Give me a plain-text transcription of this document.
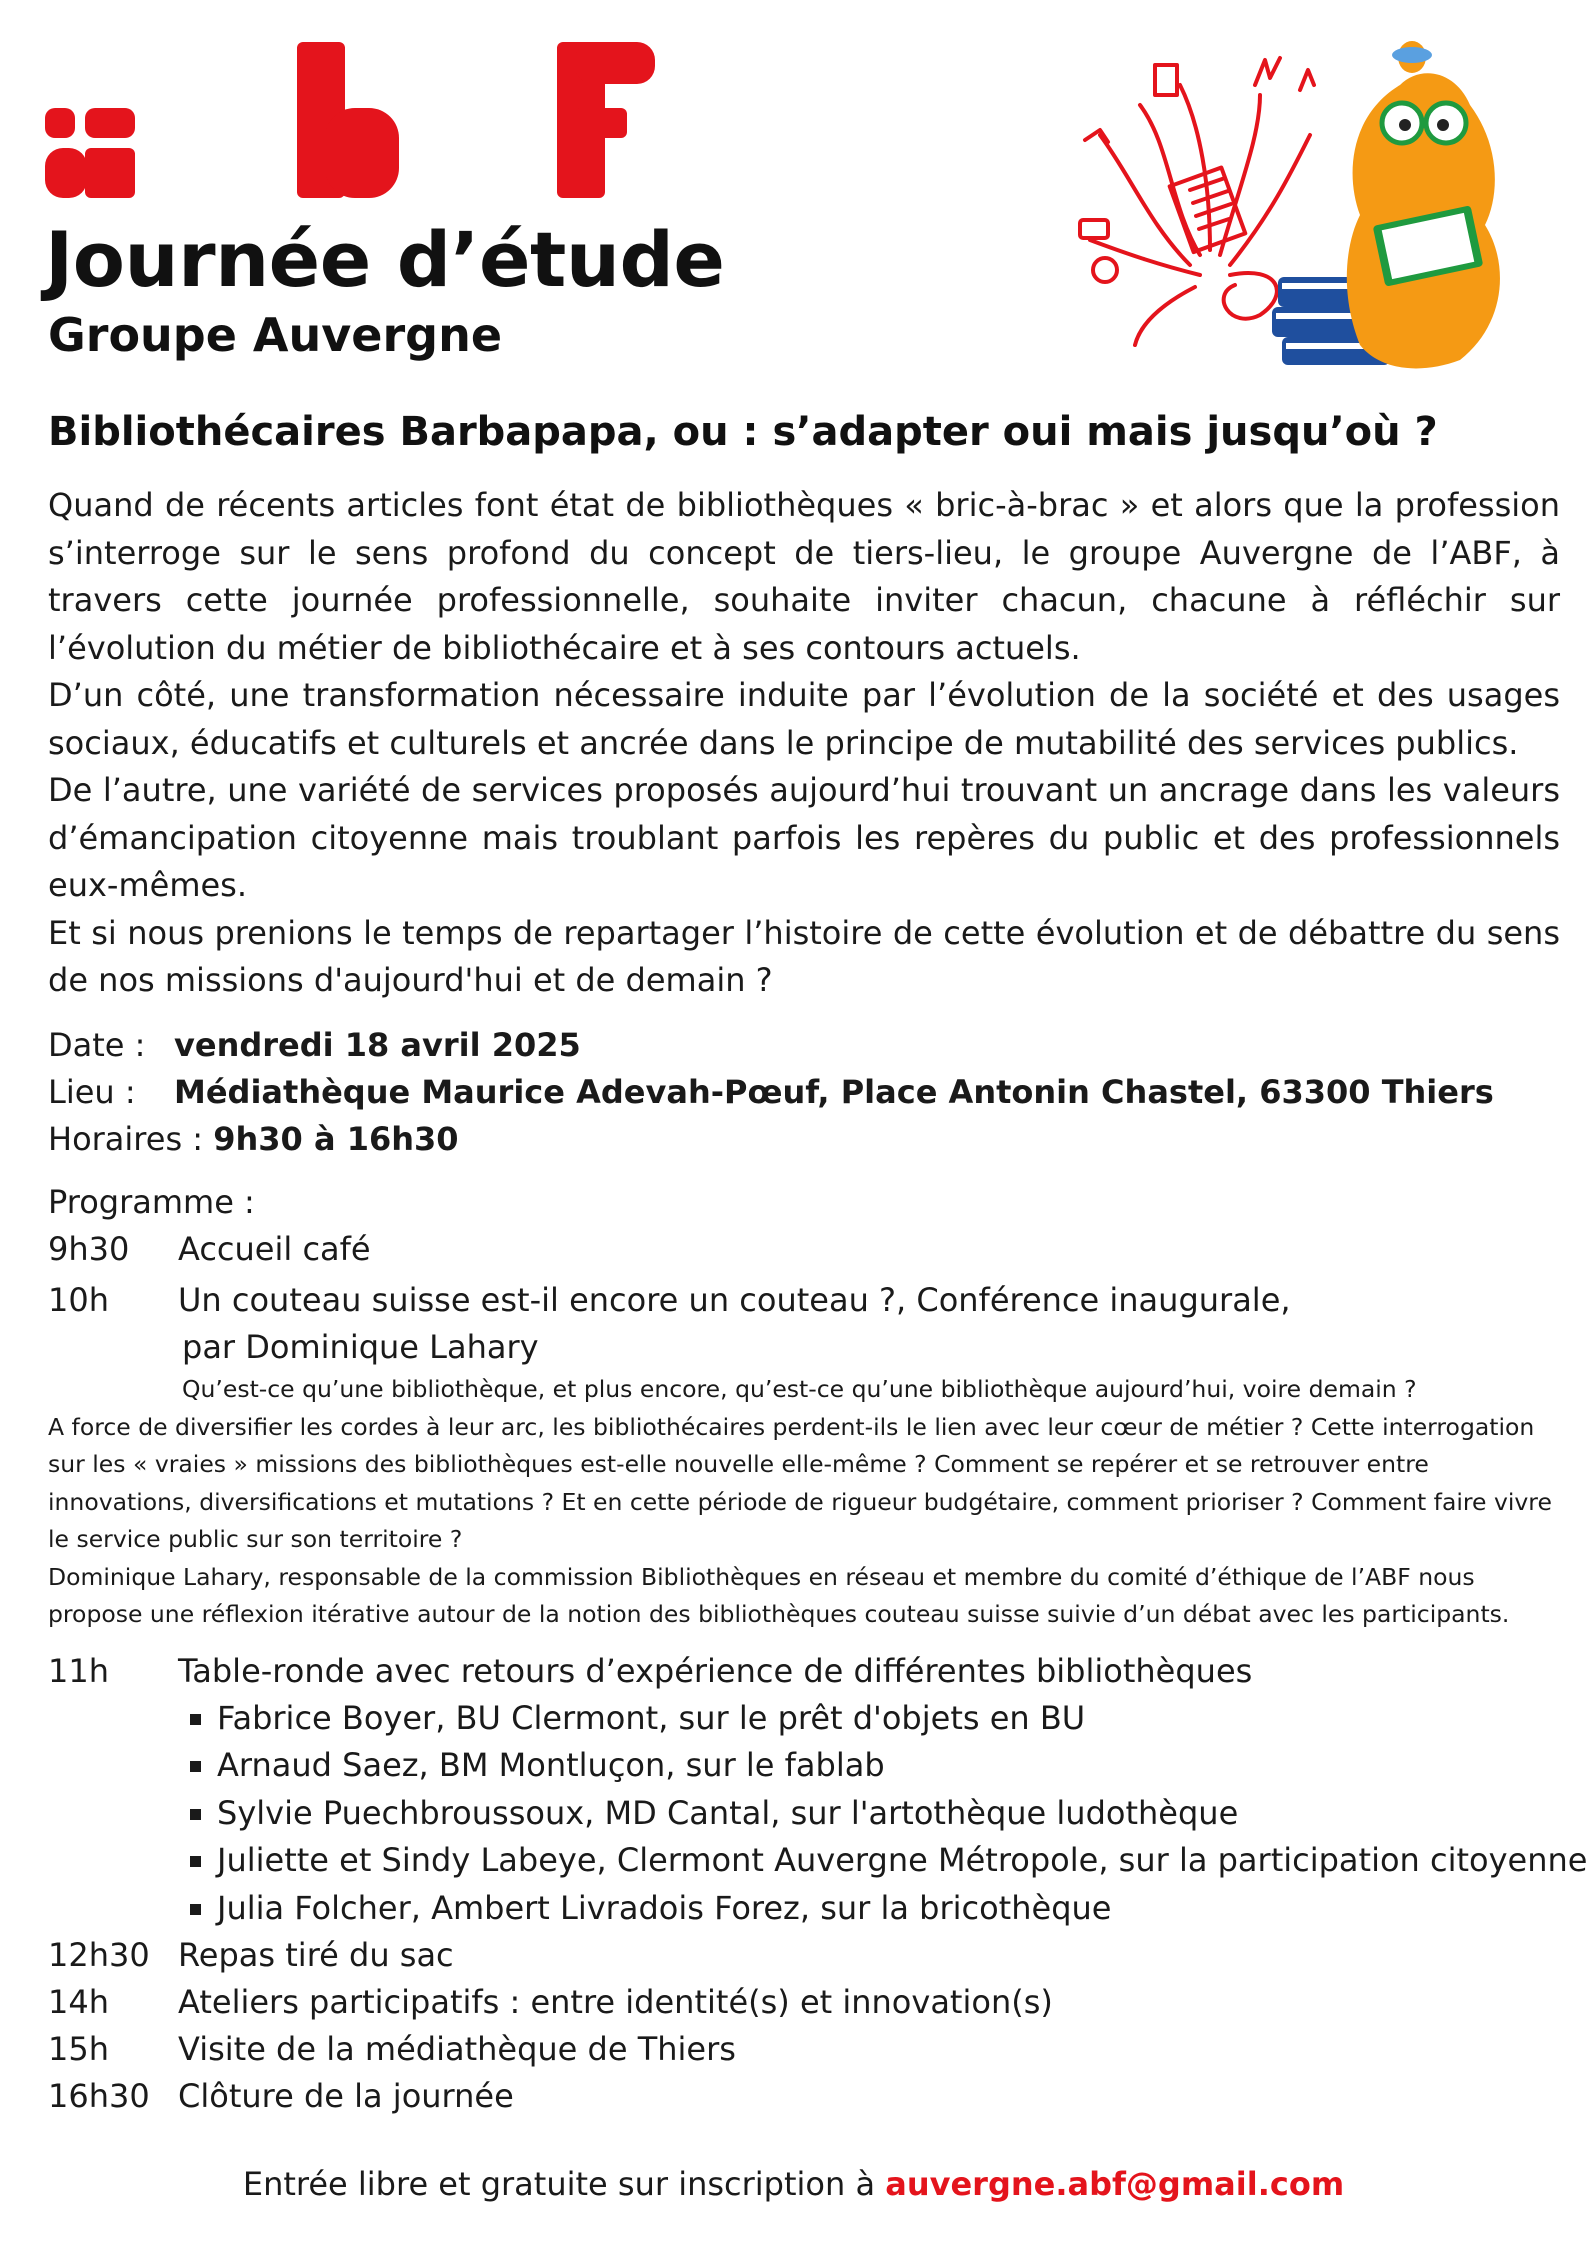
Journée d’étude
Groupe Auvergne
Bibliothécaires Barbapapa, ou : s’adapter oui mais jusqu’où ?

Quand de récents articles font état de bibliothèques « bric-à-brac » et alors que la profession s’interroge sur le sens profond du concept de tiers-lieu, le groupe Auvergne de l’ABF, à travers cette journée professionnelle, souhaite inviter chacun, chacune à réfléchir sur l’évolution du métier de bibliothécaire et à ses contours actuels.

D’un côté, une transformation nécessaire induite par l’évolution de la société et des usages sociaux, éducatifs et culturels et ancrée dans le principe de mutabilité des services publics.

De l’autre, une variété de services proposés aujourd’hui trouvant un ancrage dans les valeurs d’émancipation citoyenne mais troublant parfois les repères du public et des professionnels eux-mêmes.

Et si nous prenions le temps de repartager l’histoire de cette évolution et de débattre du sens de nos missions d'aujourd'hui et de demain ?

Date : vendredi 18 avril 2025
Lieu :	Médiathèque Maurice Adevah-Pœuf, Place Antonin Chastel, 63300 Thiers
Horaires :
9h30 à 16h30
Programme :
9h30	Accueil café
10h	Un couteau suisse est-il encore un couteau ?, Conférence inaugurale,
par Dominique Lahary

Qu’est-ce qu’une bibliothèque, et plus encore, qu’est-ce qu’une bibliothèque aujourd’hui, voire demain ?

A force de diversifier les cordes à leur arc, les bibliothécaires perdent-ils le lien avec leur cœur de métier ? Cette interrogation sur les « vraies » missions des bibliothèques est-elle nouvelle elle-même ? Comment se repérer et se retrouver entre innovations, diversifications et mutations ? Et en cette période de rigueur budgétaire, comment prioriser ? Comment faire vivre le service public sur son territoire ?

Dominique Lahary, responsable de la commission Bibliothèques en réseau et membre du comité d’éthique de l’ABF nous propose une réflexion itérative autour de la notion des bibliothèques couteau suisse suivie d’un débat avec les participants.

11h	Table-ronde avec retours d’expérience de différentes bibliothèques
Fabrice Boyer, BU Clermont, sur le prêt d'objets en BU
Arnaud Saez, BM Montluçon, sur le fablab
Sylvie Puechbroussoux, MD Cantal, sur l'artothèque ludothèque
Juliette et Sindy Labeye, Clermont Auvergne Métropole, sur la participation citoyenne
Julia Folcher, Ambert Livradois Forez, sur la bricothèque
12h30 Repas tiré du sac
14h	Ateliers participatifs : entre identité(s) et innovation(s)
15h	Visite de la médiathèque de Thiers
16h30 Clôture de la journée
Entrée libre et gratuite sur inscription à auvergne.abf@gmail.com
